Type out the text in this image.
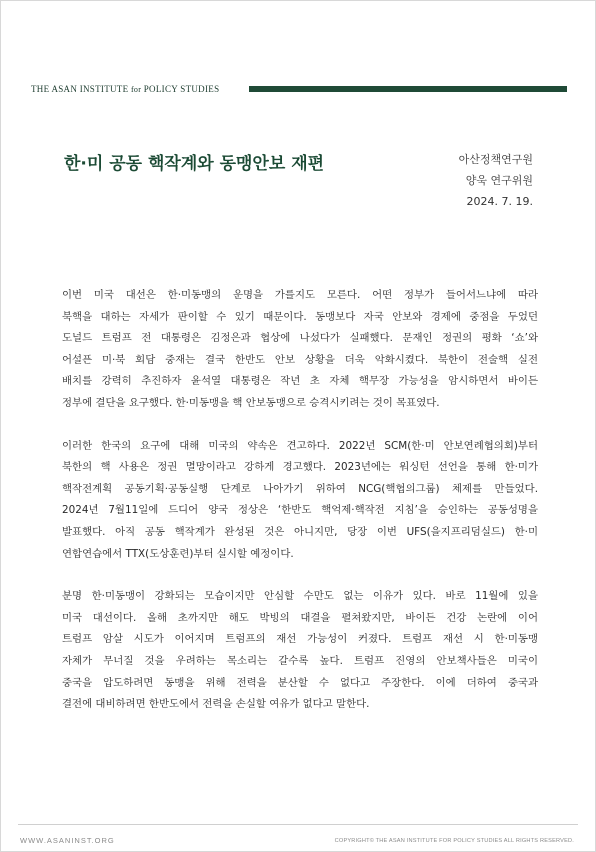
THE ASAN INSTITUTE for POLICY STUDIES
한·미 공동 핵작계와 동맹안보 재편	아산정책연구원
양욱 연구위원
2024. 7. 19.
이번 미국 대선은 한·미동맹의 운명을 가를지도 모른다. 어떤 정부가 들어서느냐에 따라
북핵을 대하는 자세가 판이할 수 있기 때문이다. 동맹보다 자국 안보와 경제에 중점을 두었던
도널드 트럼프 전 대통령은 김정은과 협상에 나섰다가 실패했다. 문재인 정권의 평화 ‘쇼’와
어설픈 미·북 회담 중재는 결국 한반도 안보 상황을 더욱 악화시켰다. 북한이 전술핵 실전
배치를 강력히 추진하자 윤석열 대통령은 작년 초 자체 핵무장 가능성을 암시하면서 바이든
정부에 결단을 요구했다. 한·미동맹을 핵 안보동맹으로 승격시키려는 것이 목표였다.
이러한 한국의 요구에 대해 미국의 약속은 견고하다. 2022년 SCM(한·미 안보연례협의회)부터
북한의 핵 사용은 정권 멸망이라고 강하게 경고했다. 2023년에는 워싱턴 선언을 통해 한·미가
핵작전계획 공동기획·공동실행 단계로 나아가기 위하여 NCG(핵협의그룹) 체제를 만들었다.
2024년 7월11일에 드디어 양국 정상은 ‘한반도 핵억제·핵작전 지침’을 승인하는 공동성명을
발표했다. 아직 공동 핵작계가 완성된 것은 아니지만, 당장 이번 UFS(을지프리덤실드) 한·미
연합연습에서 TTX(도상훈련)부터 실시할 예정이다.
분명 한·미동맹이 강화되는 모습이지만 안심할 수만도 없는 이유가 있다. 바로 11월에 있을
미국 대선이다. 올해 초까지만 해도 박빙의 대결을 펼쳐왔지만, 바이든 건강 논란에 이어
트럼프 암살 시도가 이어지며 트럼프의 재선 가능성이 커졌다. 트럼프 재선 시 한·미동맹
자체가 무너질 것을 우려하는 목소리는 갈수록 높다. 트럼프 진영의 안보책사들은 미국이
중국을 압도하려면 동맹을 위해 전력을 분산할 수 없다고 주장한다. 이에 더하여 중국과
결전에 대비하려면 한반도에서 전력을 손실할 여유가 없다고 말한다.
WWW.ASANINST.ORG	COPYRIGHT© THE ASAN INSTITUTE FOR POLICY STUDIES ALL RIGHTS RESERVED.
